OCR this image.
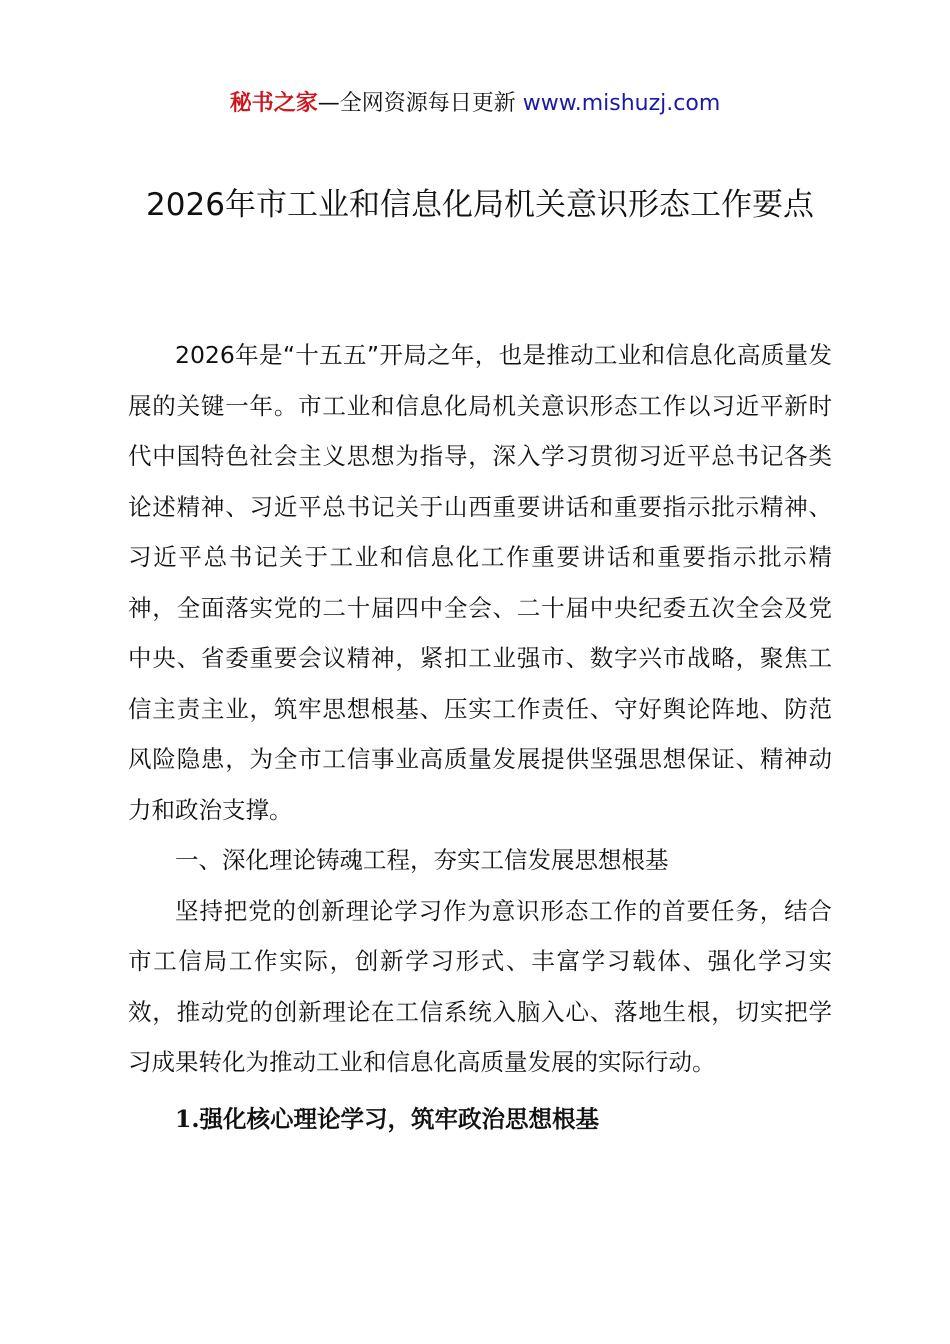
秘书之家—全网资源每日更新 www.mishuzj.com
2026年市工业和信息化局机关意识形态工作要点

2026年是“十五五”开局之年，也是推动工业和信息化高质量发展的关键一年。市工业和信息化局机关意识形态工作以习近平新时代中国特色社会主义思想为指导，深入学习贯彻习近平总书记各类论述精神、习近平总书记关于山西重要讲话和重要指示批示精神、习近平总书记关于工业和信息化工作重要讲话和重要指示批示精神，全面落实党的二十届四中全会、二十届中央纪委五次全会及党中央、省委重要会议精神，紧扣工业强市、数字兴市战略，聚焦工信主责主业，筑牢思想根基、压实工作责任、守好舆论阵地、防范风险隐患，为全市工信事业高质量发展提供坚强思想保证、精神动力和政治支撑。

一、深化理论铸魂工程，夯实工信发展思想根基

坚持把党的创新理论学习作为意识形态工作的首要任务，结合市工信局工作实际，创新学习形式、丰富学习载体、强化学习实效，推动党的创新理论在工信系统入脑入心、落地生根，切实把学习成果转化为推动工业和信息化高质量发展的实际行动。

1.强化核心理论学习，筑牢政治思想根基
